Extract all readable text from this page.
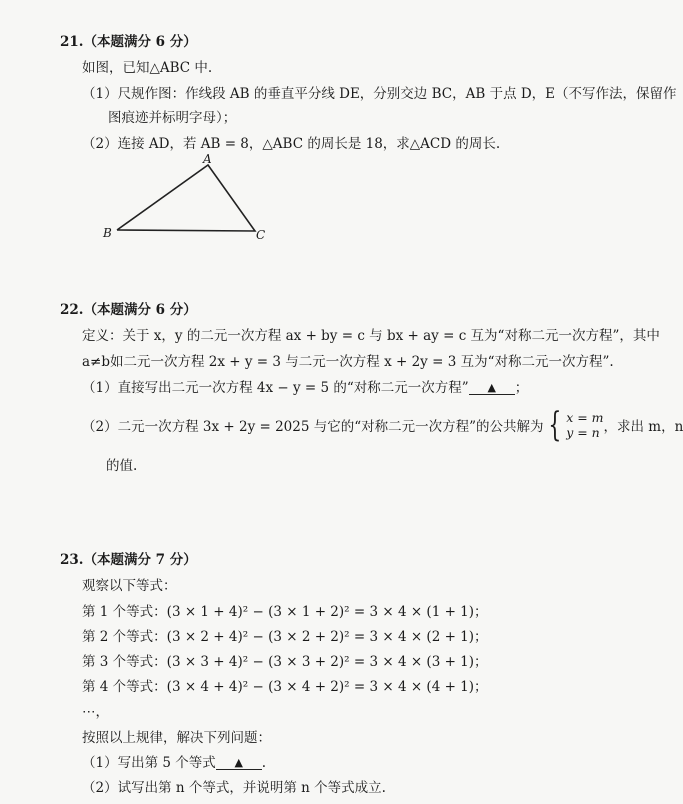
21.（本题满分 6 分）
如图，已知△ABC 中.
（1）尺规作图：作线段 AB 的垂直平分线 DE，分别交边 BC，AB 于点 D，E（不写作法，保留作
图痕迹并标明字母）；
（2）连接 AD，若 AB = 8，△ABC 的周长是 18，求△ACD 的周长.
A
B	C
22.（本题满分 6 分）
定义：关于 x，y 的二元一次方程 ax + by = c 与 bx + ay = c 互为“对称二元一次方程”，其中
a≠b如二元一次方程 2x + y = 3 与二元一次方程 x + 2y = 3 互为“对称二元一次方程”.
（1）直接写出二元一次方程 4x − y = 5 的“对称二元一次方程” ▲ ；
（2）二元一次方程 3x + 2y = 2025 与它的“对称二元一次方程”的公共解为 { x = m
y = n ，求出 m，n
的值.
23.（本题满分 7 分）
观察以下等式：
第 1 个等式：(3 × 1 + 4)² − (3 × 1 + 2)² = 3 × 4 × (1 + 1)；
第 2 个等式：(3 × 2 + 4)² − (3 × 2 + 2)² = 3 × 4 × (2 + 1)；
第 3 个等式：(3 × 3 + 4)² − (3 × 3 + 2)² = 3 × 4 × (3 + 1)；
第 4 个等式：(3 × 4 + 4)² − (3 × 4 + 2)² = 3 × 4 × (4 + 1)；
⋯，
按照以上规律，解决下列问题：
（1）写出第 5 个等式 ▲ .
（2）试写出第 n 个等式，并说明第 n 个等式成立.
